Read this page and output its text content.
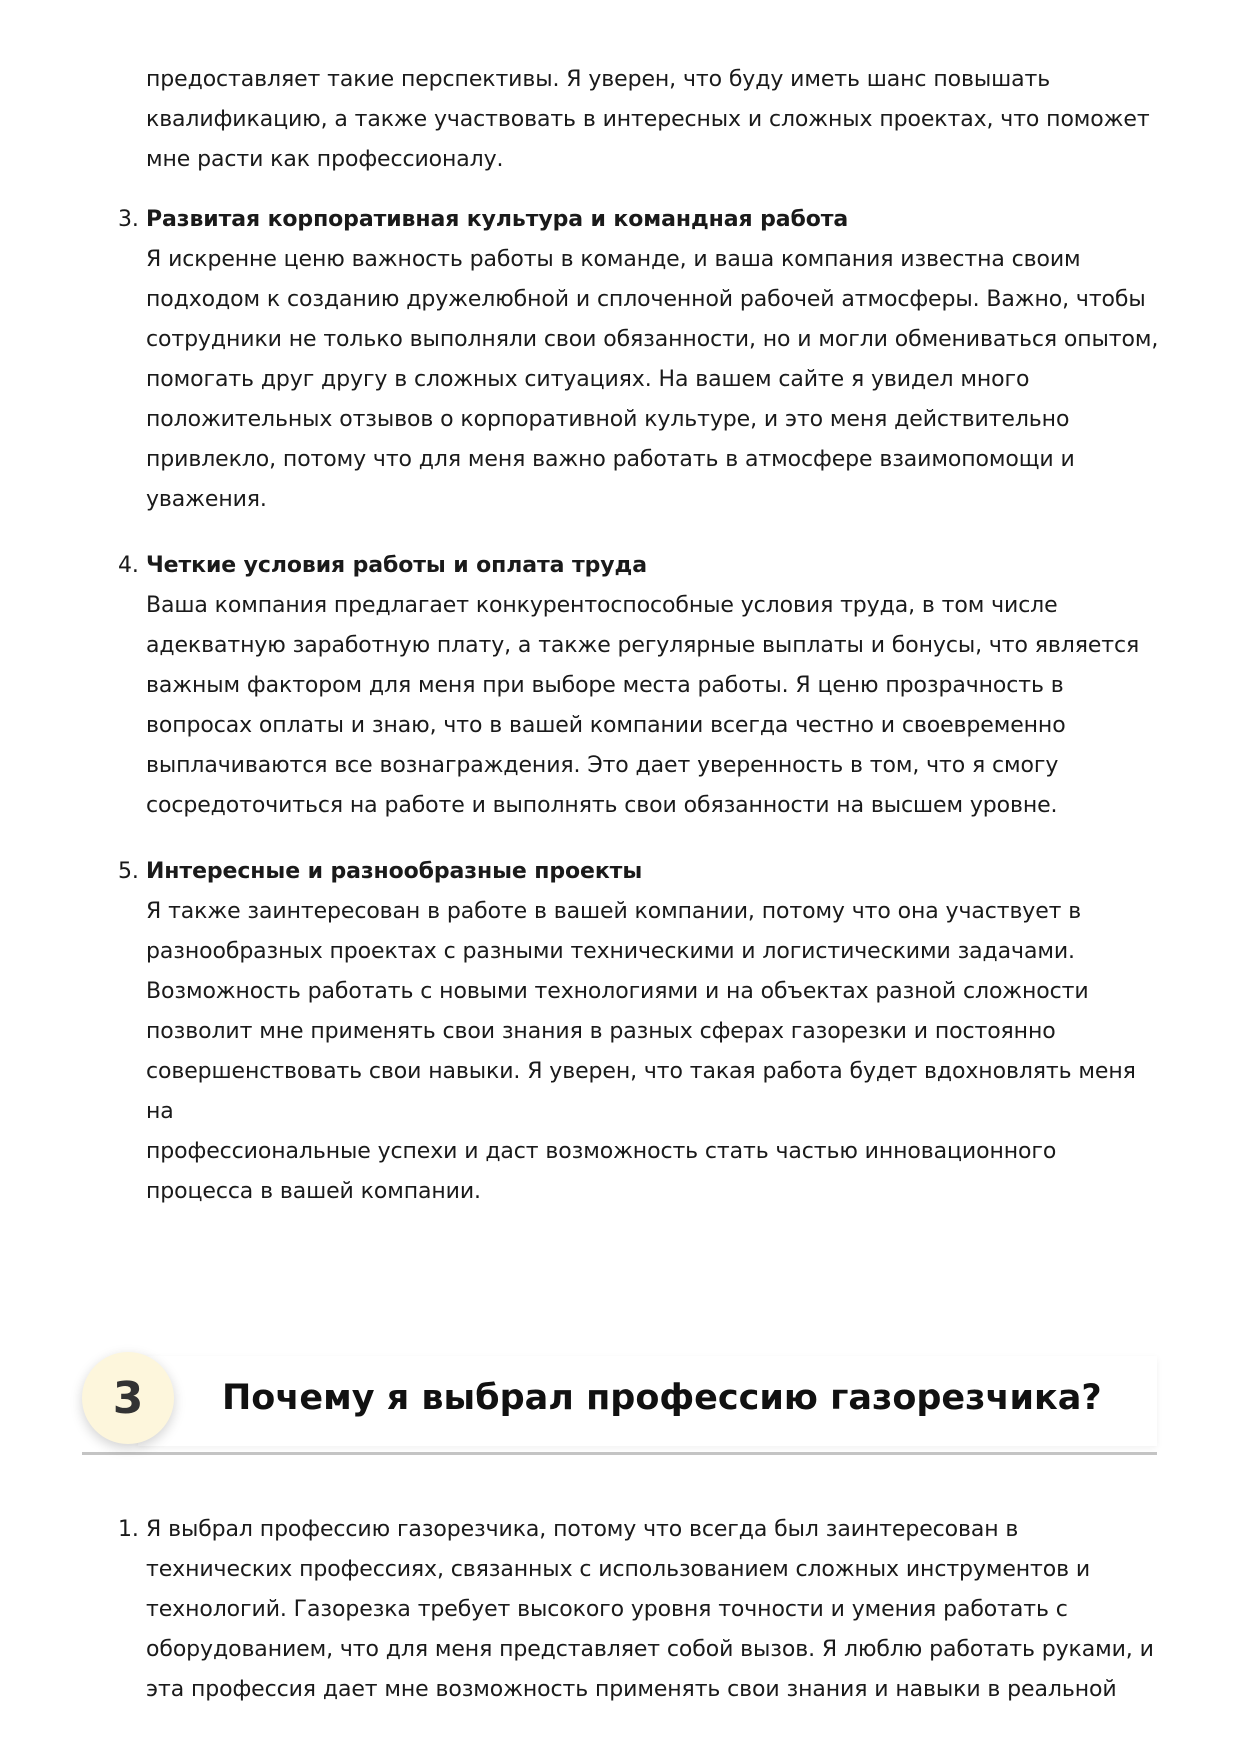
предоставляет такие перспективы. Я уверен, что буду иметь шанс повышать
квалификацию, а также участвовать в интересных и сложных проектах, что поможет
мне расти как профессионалу.
3. Развитая корпоративная культура и командная работа
Я искренне ценю важность работы в команде, и ваша компания известна своим
подходом к созданию дружелюбной и сплоченной рабочей атмосферы. Важно, чтобы
сотрудники не только выполняли свои обязанности, но и могли обмениваться опытом,
помогать друг другу в сложных ситуациях. На вашем сайте я увидел много
положительных отзывов о корпоративной культуре, и это меня действительно
привлекло, потому что для меня важно работать в атмосфере взаимопомощи и
уважения.
4. Четкие условия работы и оплата труда
Ваша компания предлагает конкурентоспособные условия труда, в том числе
адекватную заработную плату, а также регулярные выплаты и бонусы, что является
важным фактором для меня при выборе места работы. Я ценю прозрачность в
вопросах оплаты и знаю, что в вашей компании всегда честно и своевременно
выплачиваются все вознаграждения. Это дает уверенность в том, что я смогу
сосредоточиться на работе и выполнять свои обязанности на высшем уровне.
5. Интересные и разнообразные проекты
Я также заинтересован в работе в вашей компании, потому что она участвует в
разнообразных проектах с разными техническими и логистическими задачами.
Возможность работать с новыми технологиями и на объектах разной сложности
позволит мне применять свои знания в разных сферах газорезки и постоянно
совершенствовать свои навыки. Я уверен, что такая работа будет вдохновлять меня на
профессиональные успехи и даст возможность стать частью инновационного
процесса в вашей компании.
3	Почему я выбрал профессию газорезчика?
1. Я выбрал профессию газорезчика, потому что всегда был заинтересован в
технических профессиях, связанных с использованием сложных инструментов и
технологий. Газорезка требует высокого уровня точности и умения работать с
оборудованием, что для меня представляет собой вызов. Я люблю работать руками, и
эта профессия дает мне возможность применять свои знания и навыки в реальной
